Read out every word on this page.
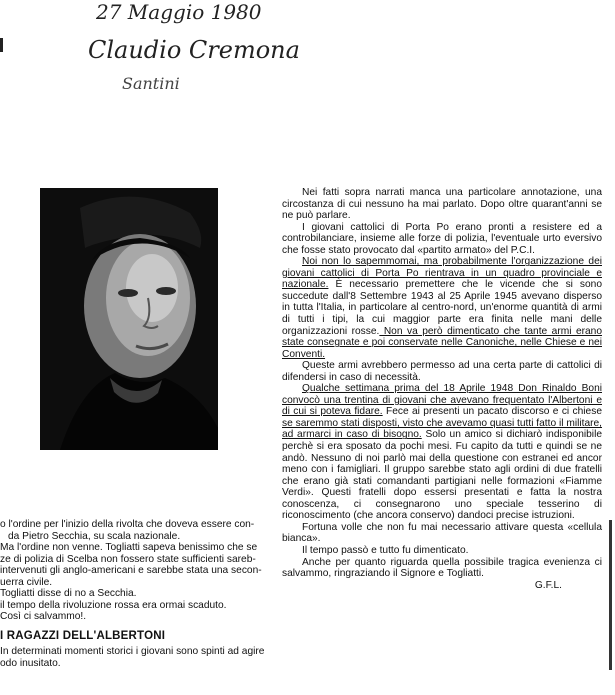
27 Maggio 1980
Claudio Cremona
Santini

Nei fatti sopra narrati manca una particolare annotazione, una circostanza di cui nessuno ha mai parlato. Dopo oltre quarant'anni se ne può parlare.

I giovani cattolici di Porta Po erano pronti a resistere ed a controbilanciare, insieme alle forze di polizia, l'eventuale urto eversivo che fosse stato provocato dal «partito armato» del P.C.I.

Noi non lo sapemmomai, ma probabilmente l'organizzazione dei giovani cattolici di Porta Po rientrava in un quadro provinciale e nazionale. È necessario premettere che le vicende che si sono succedute dall'8 Settembre 1943 al 25 Aprile 1945 avevano disperso in tutta l'Italia, in particolare al centro-nord, un'enorme quantità di armi di tutti i tipi, la cui maggior parte era finita nelle mani delle organizzazioni rosse. Non va però dimenticato che tante armi erano state consegnate e poi conservate nelle Canoniche, nelle Chiese e nei Conventi.

Queste armi avrebbero permesso ad una certa parte di cattolici di difendersi in caso di necessità.

Qualche settimana prima del 18 Aprile 1948 Don Rinaldo Boni convocò una trentina di giovani che avevano frequentato l'Albertoni e di cui si poteva fidare. Fece ai presenti un pacato discorso e ci chiese se saremmo stati disposti, visto che avevamo quasi tutti fatto il militare, ad armarci in caso di bisogno. Solo un amico si dichiarò indisponibile perchè si era sposato da pochi mesi. Fu capito da tutti e quindi se ne andò. Nessuno di noi parlò mai della questione con estranei ed ancor meno con i famigliari. Il gruppo sarebbe stato agli ordini di due fratelli che erano già stati comandanti partigiani nelle formazioni «Fiamme Verdi». Questi fratelli dopo essersi presentati e fatta la nostra conoscenza, ci consegnarono uno speciale tesserino di riconoscimento (che ancora conservo) dandoci precise istruzioni.

Fortuna volle che non fu mai necessario attivare questa «cellula bianca».

Il tempo passò e tutto fu dimenticato.

Anche per quanto riguarda quella possibile tragica evenienza ci salvammo, ringraziando il Signore e Togliatti.

G.F.L.

o l'ordine per l'inizio della rivolta che doveva essere con-

da Pietro Secchia, su scala nazionale.

Ma l'ordine non venne. Togliatti sapeva benissimo che se

ze di polizia di Scelba non fossero state sufficienti sareb-

intervenuti gli anglo-americani e sarebbe stata una secon-

uerra civile.

Togliatti disse di no a Secchia.

il tempo della rivoluzione rossa era ormai scaduto.

Così ci salvammo!.

I RAGAZZI DELL'ALBERTONI

In determinati momenti storici i giovani sono spinti ad agire

odo inusitato.
